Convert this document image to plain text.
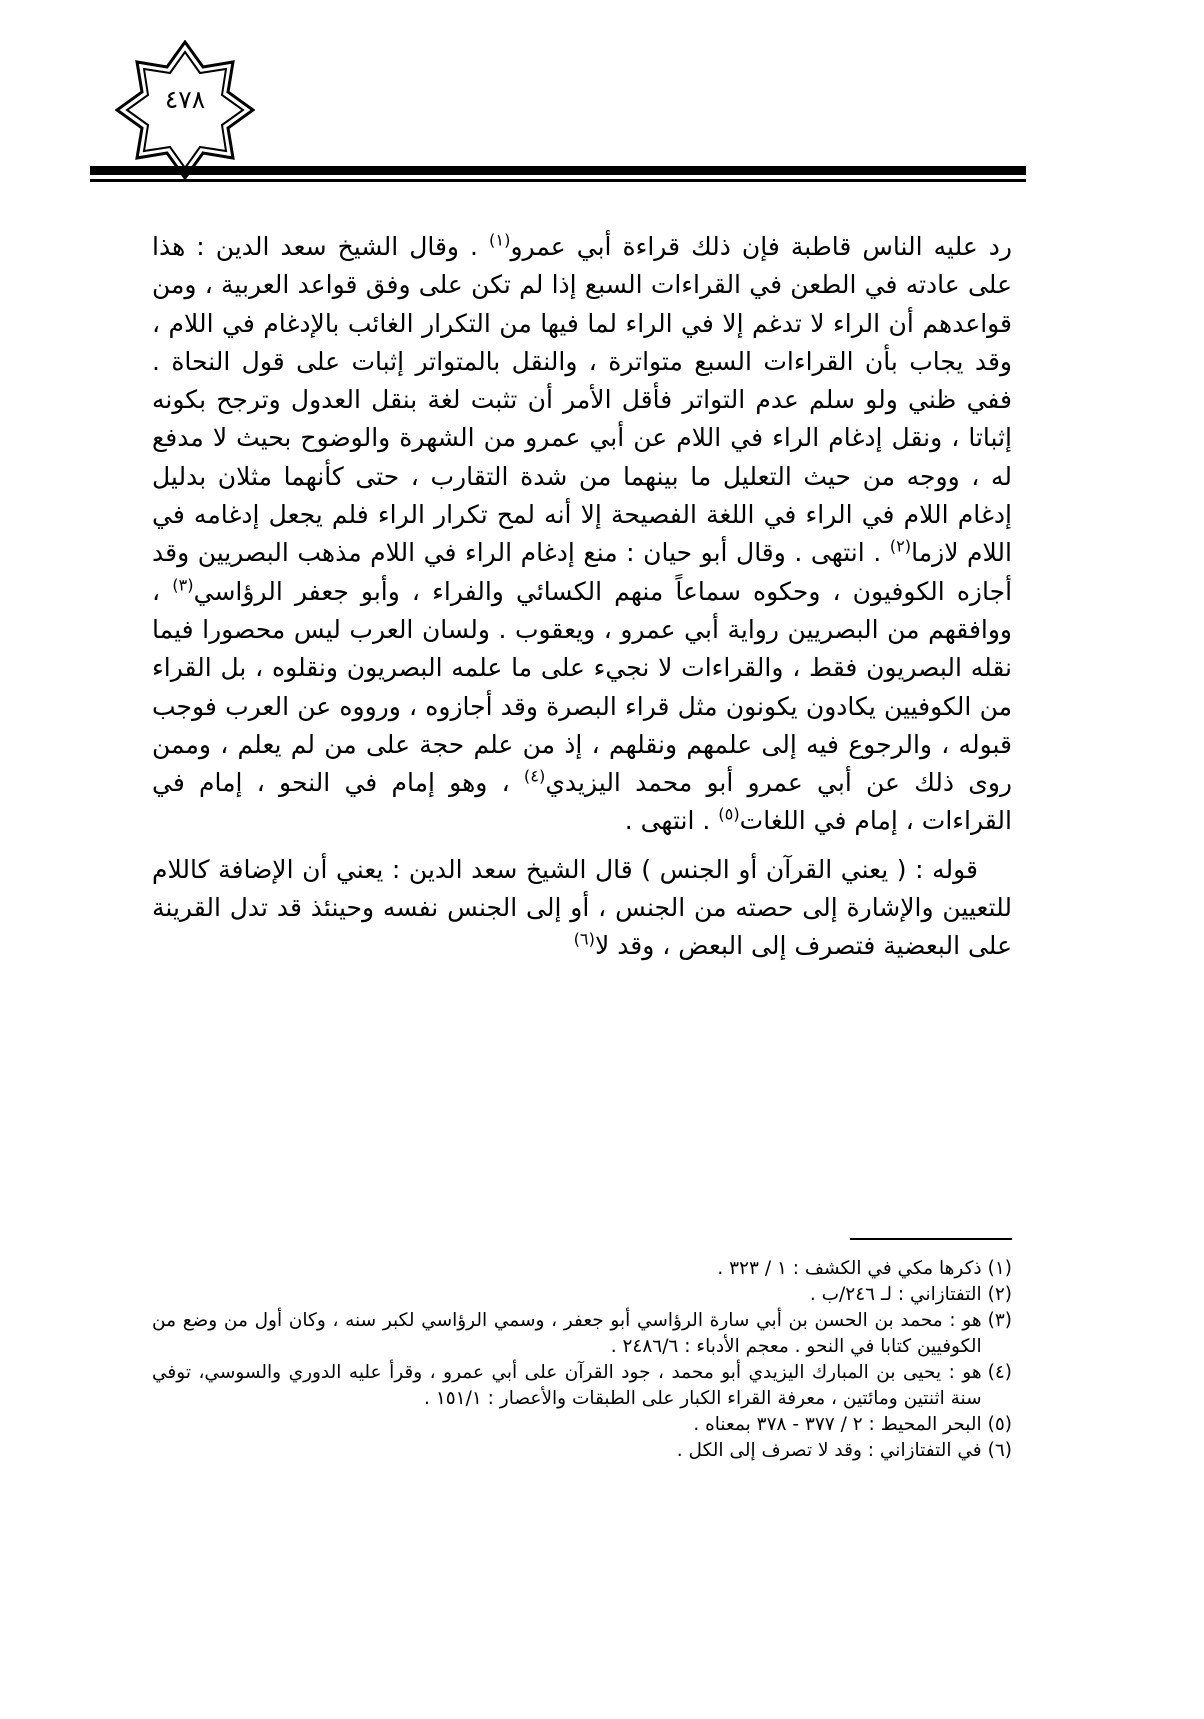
٤٧٨

رد عليه الناس قاطبة فإن ذلك قراءة أبي عمرو$^{(١)}$ . وقال الشيخ سعد الدين : هذا على عادته في الطعن في القراءات السبع إذا لم تكن على وفق قواعد العربية ، ومن قواعدهم أن الراء لا تدغم إلا في الراء لما فيها من التكرار الغائب بالإدغام في اللام ، وقد يجاب بأن القراءات السبع متواترة ، والنقل بالمتواتر إثبات على قول النحاة . ففي ظني ولو سلم عدم التواتر فأقل الأمر أن تثبت لغة بنقل العدول وترجح بكونه إثباتا ، ونقل إدغام الراء في اللام عن أبي عمرو من الشهرة والوضوح بحيث لا مدفع له ، ووجه من حيث التعليل ما بينهما من شدة التقارب ، حتى كأنهما مثلان بدليل إدغام اللام في الراء في اللغة الفصيحة إلا أنه لمح تكرار الراء فلم يجعل إدغامه في اللام لازما$^{(٢)}$ . انتهى . وقال أبو حيان : منع إدغام الراء في اللام مذهب البصريين وقد أجازه الكوفيون ، وحكوه سماعاً منهم الكسائي والفراء ، وأبو جعفر الرؤاسي$^{(٣)}$ ، ووافقهم من البصريين رواية أبي عمرو ، ويعقوب . ولسان العرب ليس محصورا فيما نقله البصريون فقط ، والقراءات لا نجيء على ما علمه البصريون ونقلوه ، بل القراء من الكوفيين يكادون يكونون مثل قراء البصرة وقد أجازوه ، ورووه عن العرب فوجب قبوله ، والرجوع فيه إلى علمهم ونقلهم ، إذ من علم حجة على من لم يعلم ، وممن روى ذلك عن أبي عمرو أبو محمد اليزيدي$^{(٤)}$ ، وهو إمام في النحو ، إمام في القراءات ، إمام في اللغات$^{(٥)}$ . انتهى .

قوله : ( يعني القرآن أو الجنس ) قال الشيخ سعد الدين : يعني أن الإضافة كاللام للتعيين والإشارة إلى حصته من الجنس ، أو إلى الجنس نفسه وحينئذ قد تدل القرينة على البعضية فتصرف إلى البعض ، وقد لا$^{(٦)}$

(١)
ذكرها مكي في الكشف : ١ / ٣٢٣ .
(٢)
التفتازاني : لـ ٢٤٦/ب .
(٣)
هو : محمد بن الحسن بن أبي سارة الرؤاسي أبو جعفر ، وسمي الرؤاسي لكبر سنه ، وكان أول من وضع من الكوفيين كتابا في النحو . معجم الأدباء : ٢٤٨٦/٦ .
(٤)
هو : يحيى بن المبارك اليزيدي أبو محمد ، جود القرآن على أبي عمرو ، وقرأ عليه الدوري والسوسي، توفي سنة اثنتين ومائتين ، معرفة القراء الكبار على الطبقات والأعصار : ١٥١/١ .
(٥)
البحر المحيط : ٢ / ٣٧٧ - ٣٧٨ بمعناه .
(٦)
في التفتازاني : وقد لا تصرف إلى الكل .
